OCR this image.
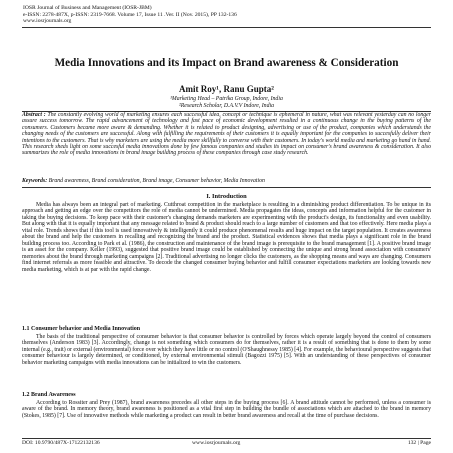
IOSR Journal of Business and Management (IOSR-JBM)
e-ISSN: 2278-487X, p-ISSN: 2319-7668. Volume 17, Issue 11 .Ver. II (Nov. 2015), PP 132-136
www.iosrjournals.org
Media Innovations and its Impact on Brand awareness & Consideration
Amit Roy¹, Ranu Gupta²
¹Marketing Head – Patrika Group, Indore, India
²Research Scholar, D.A.V.V Indore, India
Abstract : The constantly evolving world of marketing ensures each successful idea, concept or technique is ephemeral in nature, what was relevant yesterday can no longer assure success tomorrow. The rapid advancement of technology and fast pace of economic development resulted in a continuous change in the buying patterns of the consumers. Customers became more aware & demanding. Whether it is related to product designing, advertising or use of the product, companies which understands the changing needs of the customers are successful. Along with fulfilling the requirements of their customers it is equally important for the companies to succesfully deliver their intentions to the customers. That is why marketers are using the media more skillfully to converse with their customers. In today's world media and marketing go hand in hand. This research sheds light on some succesful media innovations done by few famous companies and studies its impact on consumer's brand awareness & consideration. It also summarizes the role of media innovations in brand image building process of these companies through case study research.
Keywords: Brand awareness, Brand consideration, Brand image, Consumer behavior, Media Innovation
I. Introduction
Media has always been an integral part of marketing. Cutthroat competition in the marketplace is resulting in a diminishing product differentiation. To be unique in its approach and getting an edge over the competitors the role of media cannot be undermined. Media propagates the ideas, concepts and information helpful for the customer in taking the buying decisions. To keep pace with their customer's changing demands marketers are experimenting with the product's design, its functionality and even usability. But along with that it is equally important that any message related to brand & product should reach to a large number of customers and that too effectively. Here media plays a vital role. Trends shows that if this tool is used innovatively & intelligently it could produce phenomenal results and huge impact on the target population. It creates awareness about the brand and help the customers in recalling and recognizing the brand and the product. Statistical evidences shows that media plays a significant role in the brand building process too. According to Park et al. (1986), the construction and maintenance of the brand image is prerequisite to the brand management [1]. A positive brand image is an asset for the company. Keller (1993), suggested that positive brand image could be established by connecting the unique and strong brand association with consumers' memories about the brand through marketing campaigns [2]. Traditional advertising no longer clicks the customers, as the shopping means and ways are changing. Consumers find internet referrals as more feasible and attractive. To decode the changed consumer buying behavior and fulfill consumer expectations marketers are looking towards new media marketing, which is at par with the rapid change.
1.1 Consumer behavior and Media Innovation
The basis of the traditional perspective of consumer behavior is that consumer behavior is controlled by forces which operate largely beyond the control of consumers themselves (Anderson 1983) [3]. Accordingly, change is not something which consumers do for themselves, rather it is a result of something that is done to them by some internal (e.g., trait) or external (environmental) force over which they have little or no control (O'Shaughnessy 1985) [4]. For example, the behavioural perspective suggests that consumer behaviour is largely determined, or conditioned, by external environmental stimuli (Bagozzi 1975) [5]. With an understanding of these perspectives of consumer behavior marketing campaigns with media innovations can be initialized to win the customers.
1.2 Brand Awareness
According to Rossiter and Prey (1987), brand awareness precedes all other steps in the buying process [6]. A brand attitude cannot be performed, unless a consumer is aware of the brand. In memory theory, brand awareness is positioned as a vital first step in building the bundle of associations which are attached to the brand in memory (Stokes, 1985) [7]. Use of innovative methods while marketing a product can result in better brand awareness and recall at the time of purchase decisions.
DOI: 10.9790/487X-17122132136	www.iosrjournals.org	132 | Page
